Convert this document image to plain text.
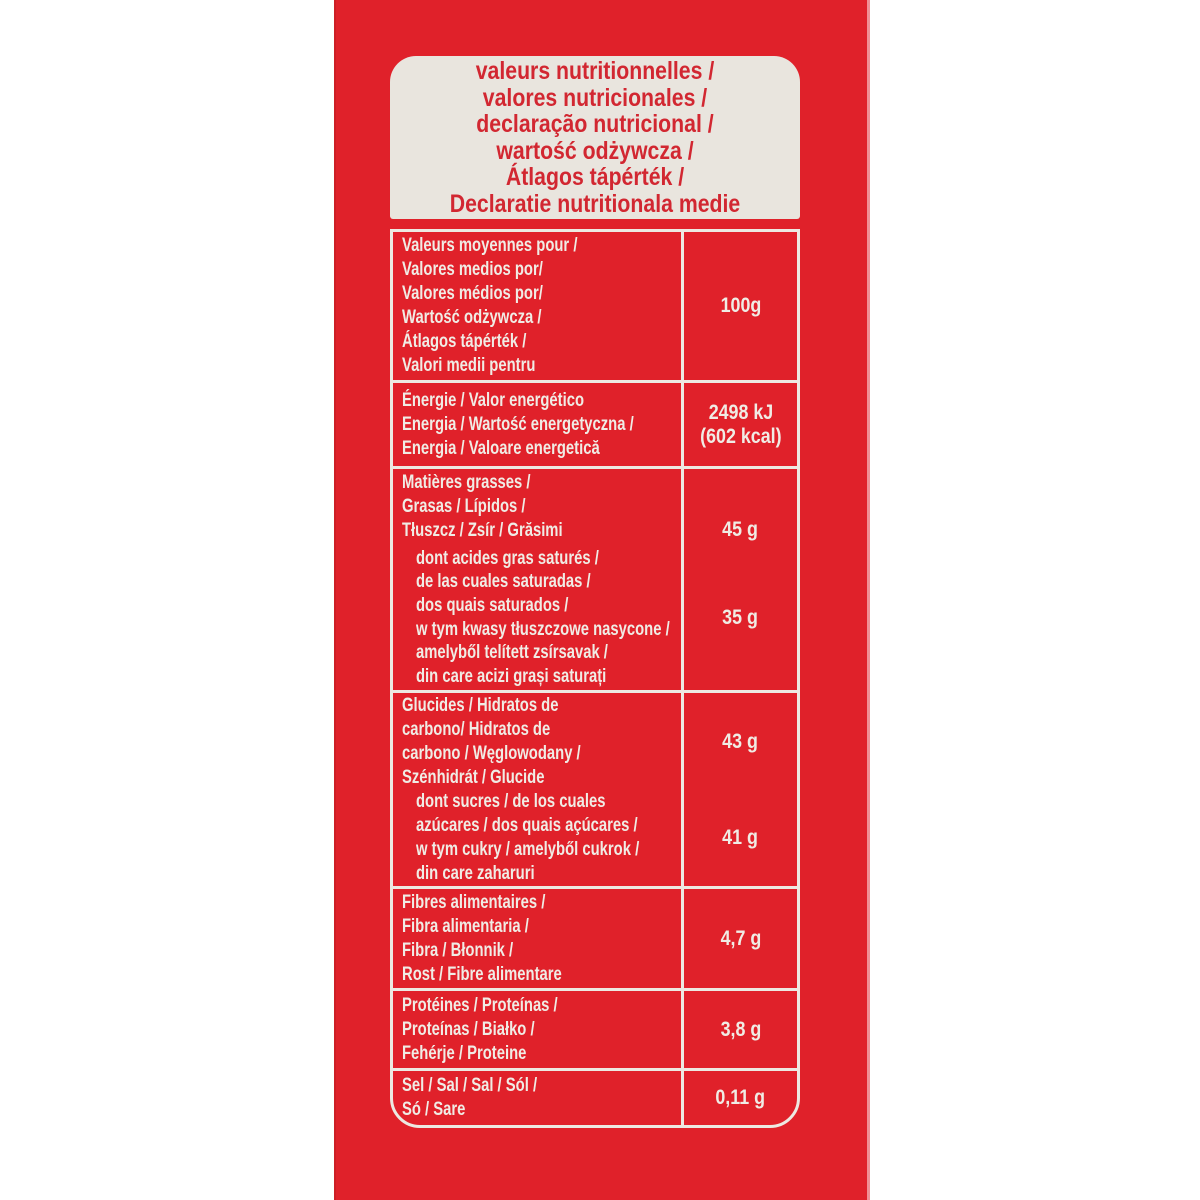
valeurs nutritionnelles /
valores nutricionales /
declaração nutricional /
wartość odżywcza /
Átlagos tápérték /
Declaratie nutritionala medie
Valeurs moyennes pour /
Valores medios por/
Valores médios por/
Wartość odżywcza /
Átlagos tápérték /
Valori medii pentru
100g
Énergie / Valor energético
Energia / Wartość energetyczna /
Energia / Valoare energetică
2498 kJ
(602 kcal)
Matières grasses /
Grasas / Lípidos /
Tłuszcz / Zsír / Grăsimi	45 g
dont acides gras saturés /
de las cuales saturadas /
dos quais saturados /
w tym kwasy tłuszczowe nasycone /
amelyből telített zsírsavak /
din care acizi grași saturați
35 g
Glucides / Hidratos de
carbono/ Hidratos de
carbono / Węglowodany /
Szénhidrát / Glucide
43 g
dont sucres / de los cuales
azúcares / dos quais açúcares /
w tym cukry / amelyből cukrok /
din care zaharuri
41 g
Fibres alimentaires /
Fibra alimentaria /
Fibra / Błonnik /
Rost / Fibre alimentare
4,7 g
Protéines / Proteínas /
Proteínas / Białko /
Fehérje / Proteine
3,8 g
Sel / Sal / Sal / Sól /
Só / Sare
0,11 g
